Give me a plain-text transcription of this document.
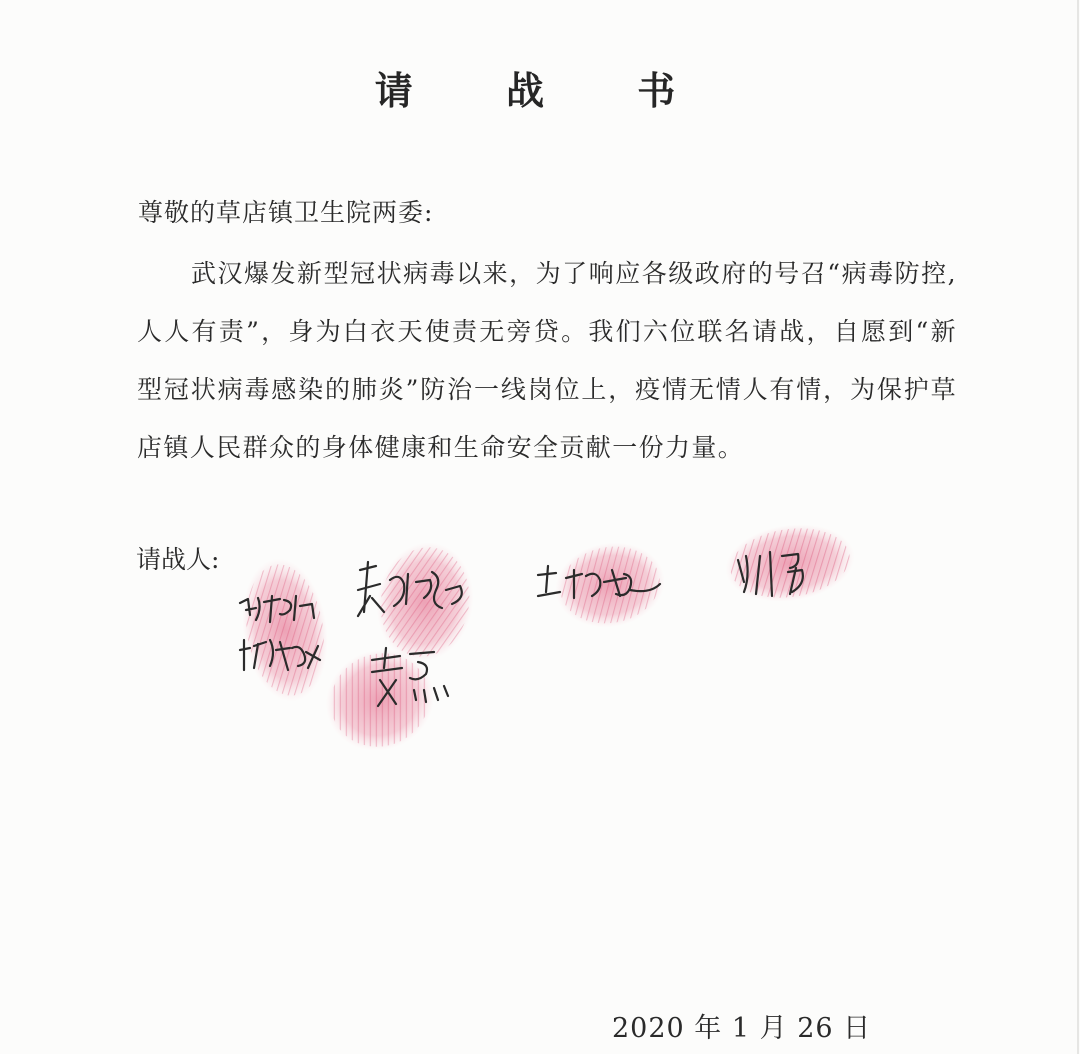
请 战 书
尊敬的草店镇卫生院两委:
武汉爆发新型冠状病毒以来，为了响应各级政府的号召“病毒防控,人人有责”，身为白衣天使责无旁贷。我们六位联名请战，自愿到“新型冠状病毒感染的肺炎”防治一线岗位上，疫情无情人有情，为保护草店镇人民群众的身体健康和生命安全贡献一份力量。
请战人:
2020 年 1 月 26 日
